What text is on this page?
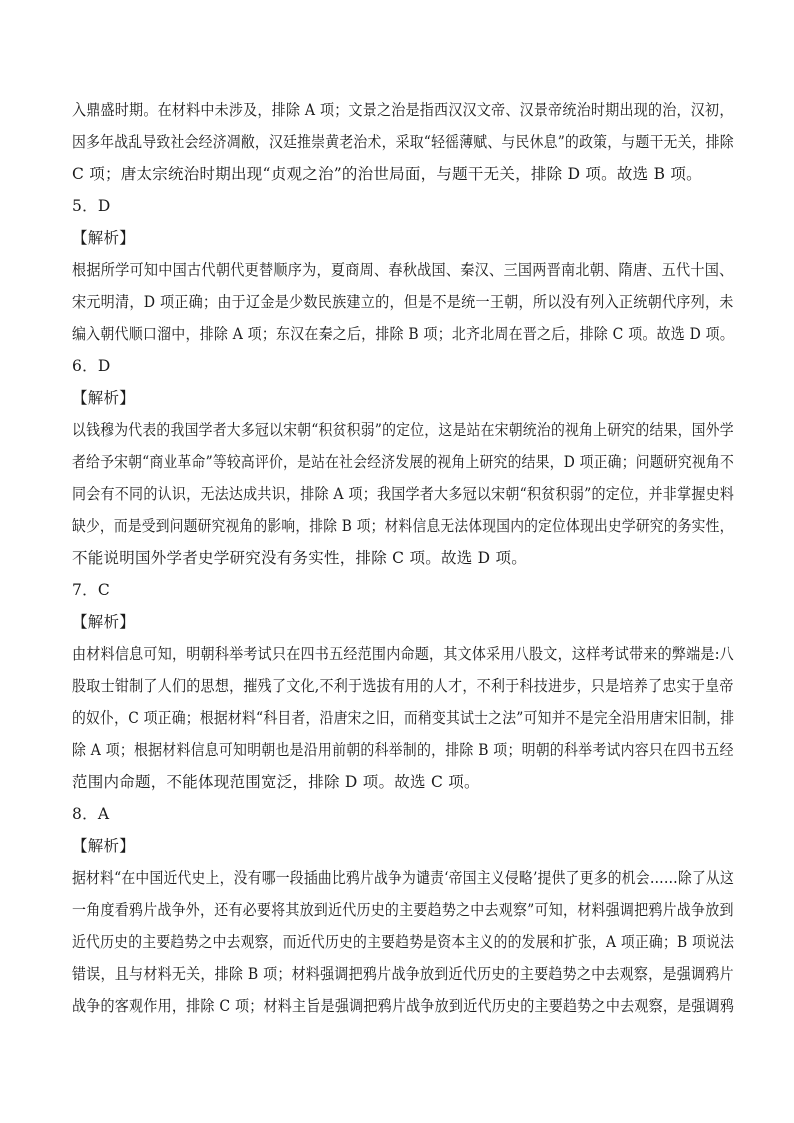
入鼎盛时期。在材料中未涉及，排除 A 项；文景之治是指西汉汉文帝、汉景帝统治时期出现的治，汉初，
因多年战乱导致社会经济凋敝，汉廷推崇黄老治术，采取“轻徭薄赋、与民休息”的政策，与题干无关，排除
C 项；唐太宗统治时期出现“贞观之治”的治世局面，与题干无关，排除 D 项。故选 B 项。
5．D
【解析】
根据所学可知中国古代朝代更替顺序为，夏商周、春秋战国、秦汉、三国两晋南北朝、隋唐、五代十国、
宋元明清，D 项正确；由于辽金是少数民族建立的，但是不是统一王朝，所以没有列入正统朝代序列，未
编入朝代顺口溜中，排除 A 项；东汉在秦之后，排除 B 项；北齐北周在晋之后，排除 C 项。故选 D 项。
6．D
【解析】
以钱穆为代表的我国学者大多冠以宋朝“积贫积弱”的定位，这是站在宋朝统治的视角上研究的结果，国外学
者给予宋朝“商业革命”等较高评价，是站在社会经济发展的视角上研究的结果，D 项正确；问题研究视角不
同会有不同的认识，无法达成共识，排除 A 项；我国学者大多冠以宋朝“积贫积弱”的定位，并非掌握史料
缺少，而是受到问题研究视角的影响，排除 B 项；材料信息无法体现国内的定位体现出史学研究的务实性，
不能说明国外学者史学研究没有务实性，排除 C 项。故选 D 项。
7．C
【解析】
由材料信息可知，明朝科举考试只在四书五经范围内命题，其文体采用八股文，这样考试带来的弊端是:八
股取士钳制了人们的思想，摧残了文化,不利于选拔有用的人才，不利于科技进步，只是培养了忠实于皇帝
的奴仆，C 项正确；根据材料“科目者，沿唐宋之旧，而稍变其试士之法”可知并不是完全沿用唐宋旧制，排
除 A 项；根据材料信息可知明朝也是沿用前朝的科举制的，排除 B 项；明朝的科举考试内容只在四书五经
范围内命题，不能体现范围宽泛，排除 D 项。故选 C 项。
8．A
【解析】
据材料“在中国近代史上，没有哪一段插曲比鸦片战争为谴责‘帝国主义侵略’提供了更多的机会……除了从这
一角度看鸦片战争外，还有必要将其放到近代历史的主要趋势之中去观察”可知，材料强调把鸦片战争放到
近代历史的主要趋势之中去观察，而近代历史的主要趋势是资本主义的的发展和扩张，A 项正确；B 项说法
错误，且与材料无关，排除 B 项；材料强调把鸦片战争放到近代历史的主要趋势之中去观察，是强调鸦片
战争的客观作用，排除 C 项；材料主旨是强调把鸦片战争放到近代历史的主要趋势之中去观察，是强调鸦
